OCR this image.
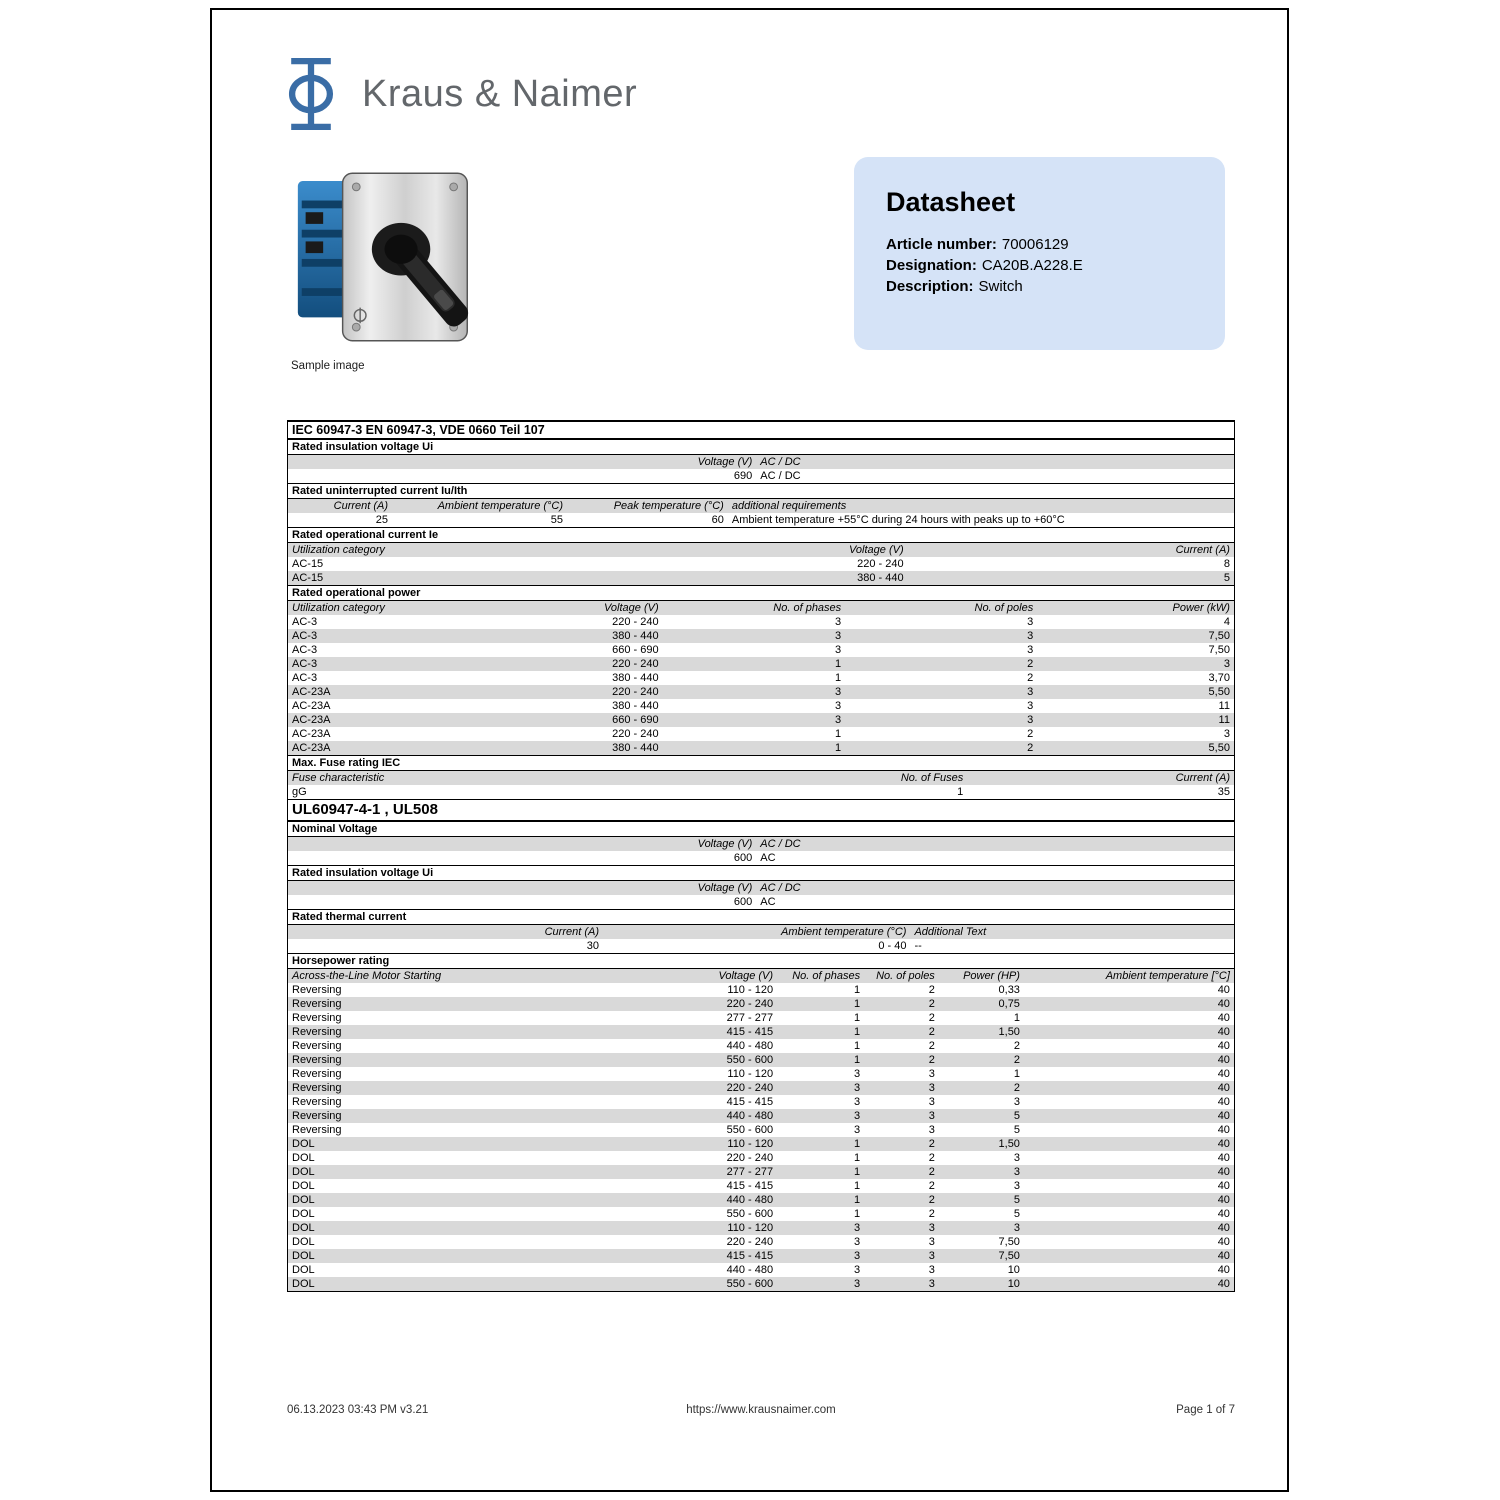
Kraus & Naimer
Sample image
Datasheet
Article number: 70006129
Designation: CA20B.A228.E
Description: Switch
IEC 60947-3 EN 60947-3, VDE 0660 Teil 107
Rated insulation voltage Ui
Voltage (V) AC / DC
690 AC / DC
Rated uninterrupted current Iu/Ith
Current (A)	Ambient temperature (°C)	Peak temperature (°C) additional requirements
25	55	60 Ambient temperature +55°C during 24 hours with peaks up to +60°C
Rated operational current Ie
Utilization category	Voltage (V)	Current (A)
AC-15	220 - 240	8
AC-15	380 - 440	5
Rated operational power
Utilization category	Voltage (V)	No. of phases	No. of poles	Power (kW)
AC-3	220 - 240	3	3	4
AC-3	380 - 440	3	3	7,50
AC-3	660 - 690	3	3	7,50
AC-3	220 - 240	1	2	3
AC-3	380 - 440	1	2	3,70
AC-23A	220 - 240	3	3	5,50
AC-23A	380 - 440	3	3	11
AC-23A	660 - 690	3	3	11
AC-23A	220 - 240	1	2	3
AC-23A	380 - 440	1	2	5,50
Max. Fuse rating IEC
Fuse characteristic	No. of Fuses	Current (A)
gG	1	35
UL60947-4-1 , UL508
Nominal Voltage
Voltage (V) AC / DC
600 AC
Rated insulation voltage Ui
Voltage (V) AC / DC
600 AC
Rated thermal current
Current (A)	Ambient temperature (°C) Additional Text
30	0 - 40 --
Horsepower rating
Across-the-Line Motor Starting	Voltage (V)	No. of phases	No. of poles	Power (HP)	Ambient temperature [°C]
Reversing	110 - 120	1	2	0,33	40
Reversing	220 - 240	1	2	0,75	40
Reversing	277 - 277	1	2	1	40
Reversing	415 - 415	1	2	1,50	40
Reversing	440 - 480	1	2	2	40
Reversing	550 - 600	1	2	2	40
Reversing	110 - 120	3	3	1	40
Reversing	220 - 240	3	3	2	40
Reversing	415 - 415	3	3	3	40
Reversing	440 - 480	3	3	5	40
Reversing	550 - 600	3	3	5	40
DOL	110 - 120	1	2	1,50	40
DOL	220 - 240	1	2	3	40
DOL	277 - 277	1	2	3	40
DOL	415 - 415	1	2	3	40
DOL	440 - 480	1	2	5	40
DOL	550 - 600	1	2	5	40
DOL	110 - 120	3	3	3	40
DOL	220 - 240	3	3	7,50	40
DOL	415 - 415	3	3	7,50	40
DOL	440 - 480	3	3	10	40
DOL	550 - 600	3	3	10	40
06.13.2023 03:43 PM v3.21	https://www.krausnaimer.com	Page 1 of 7
